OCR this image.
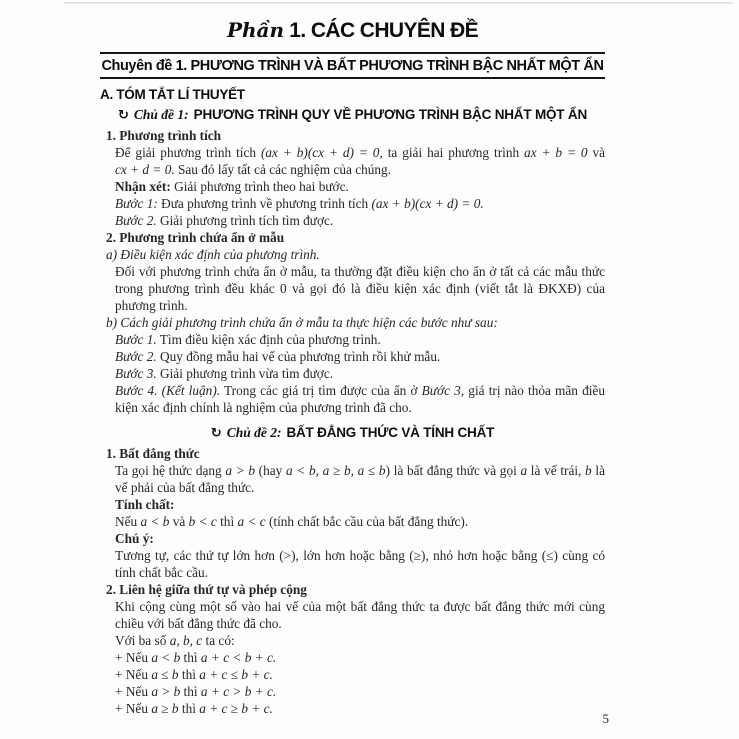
Phần 1. CÁC CHUYÊN ĐỀ
Chuyên đề 1. PHƯƠNG TRÌNH VÀ BẤT PHƯƠNG TRÌNH BẬC NHẤT MỘT ẨN
A. TÓM TẮT LÍ THUYẾT
↻ Chủ đề 1: PHƯƠNG TRÌNH QUY VỀ PHƯƠNG TRÌNH BẬC NHẤT MỘT ẨN
1. Phương trình tích
Để giải phương trình tích (ax + b)(cx + d) = 0, ta giải hai phương trình ax + b = 0 và
cx + d = 0. Sau đó lấy tất cả các nghiệm của chúng.
Nhận xét: Giải phương trình theo hai bước.
Bước 1: Đưa phương trình về phương trình tích (ax + b)(cx + d) = 0.
Bước 2. Giải phương trình tích tìm được.
2. Phương trình chứa ẩn ở mẫu
a) Điều kiện xác định của phương trình.
Đối với phương trình chứa ẩn ở mẫu, ta thường đặt điều kiện cho ẩn ở tất cả các mẫu thức
trong phương trình đều khác 0 và gọi đó là điều kiện xác định (viết tắt là ĐKXĐ) của
phương trình.
b) Cách giải phương trình chứa ẩn ở mẫu ta thực hiện các bước như sau:
Bước 1. Tìm điều kiện xác định của phương trình.
Bước 2. Quy đồng mẫu hai vế của phương trình rồi khử mẫu.
Bước 3. Giải phương trình vừa tìm được.
Bước 4. (Kết luận). Trong các giá trị tìm được của ẩn ở Bước 3, giá trị nào thỏa mãn điều
kiện xác định chính là nghiệm của phương trình đã cho.
↻ Chủ đề 2: BẤT ĐẲNG THỨC VÀ TÍNH CHẤT
1. Bất đẳng thức
Ta gọi hệ thức dạng a > b (hay a < b, a ≥ b, a ≤ b) là bất đẳng thức và gọi a là vế trái, b là
vế phải của bất đẳng thức.
Tính chất:
Nếu a < b và b < c thì a < c (tính chất bắc cầu của bất đẳng thức).
Chú ý:
Tương tự, các thứ tự lớn hơn (>), lớn hơn hoặc bằng (≥), nhỏ hơn hoặc bằng (≤) cùng có
tính chất bắc cầu.
2. Liên hệ giữa thứ tự và phép cộng
Khi cộng cùng một số vào hai vế của một bất đẳng thức ta được bất đẳng thức mới cùng
chiều với bất đẳng thức đã cho.
Với ba số a, b, c ta có:
+ Nếu a < b thì a + c < b + c.
+ Nếu a ≤ b thì a + c ≤ b + c.
+ Nếu a > b thì a + c > b + c.
+ Nếu a ≥ b thì a + c ≥ b + c.
5
